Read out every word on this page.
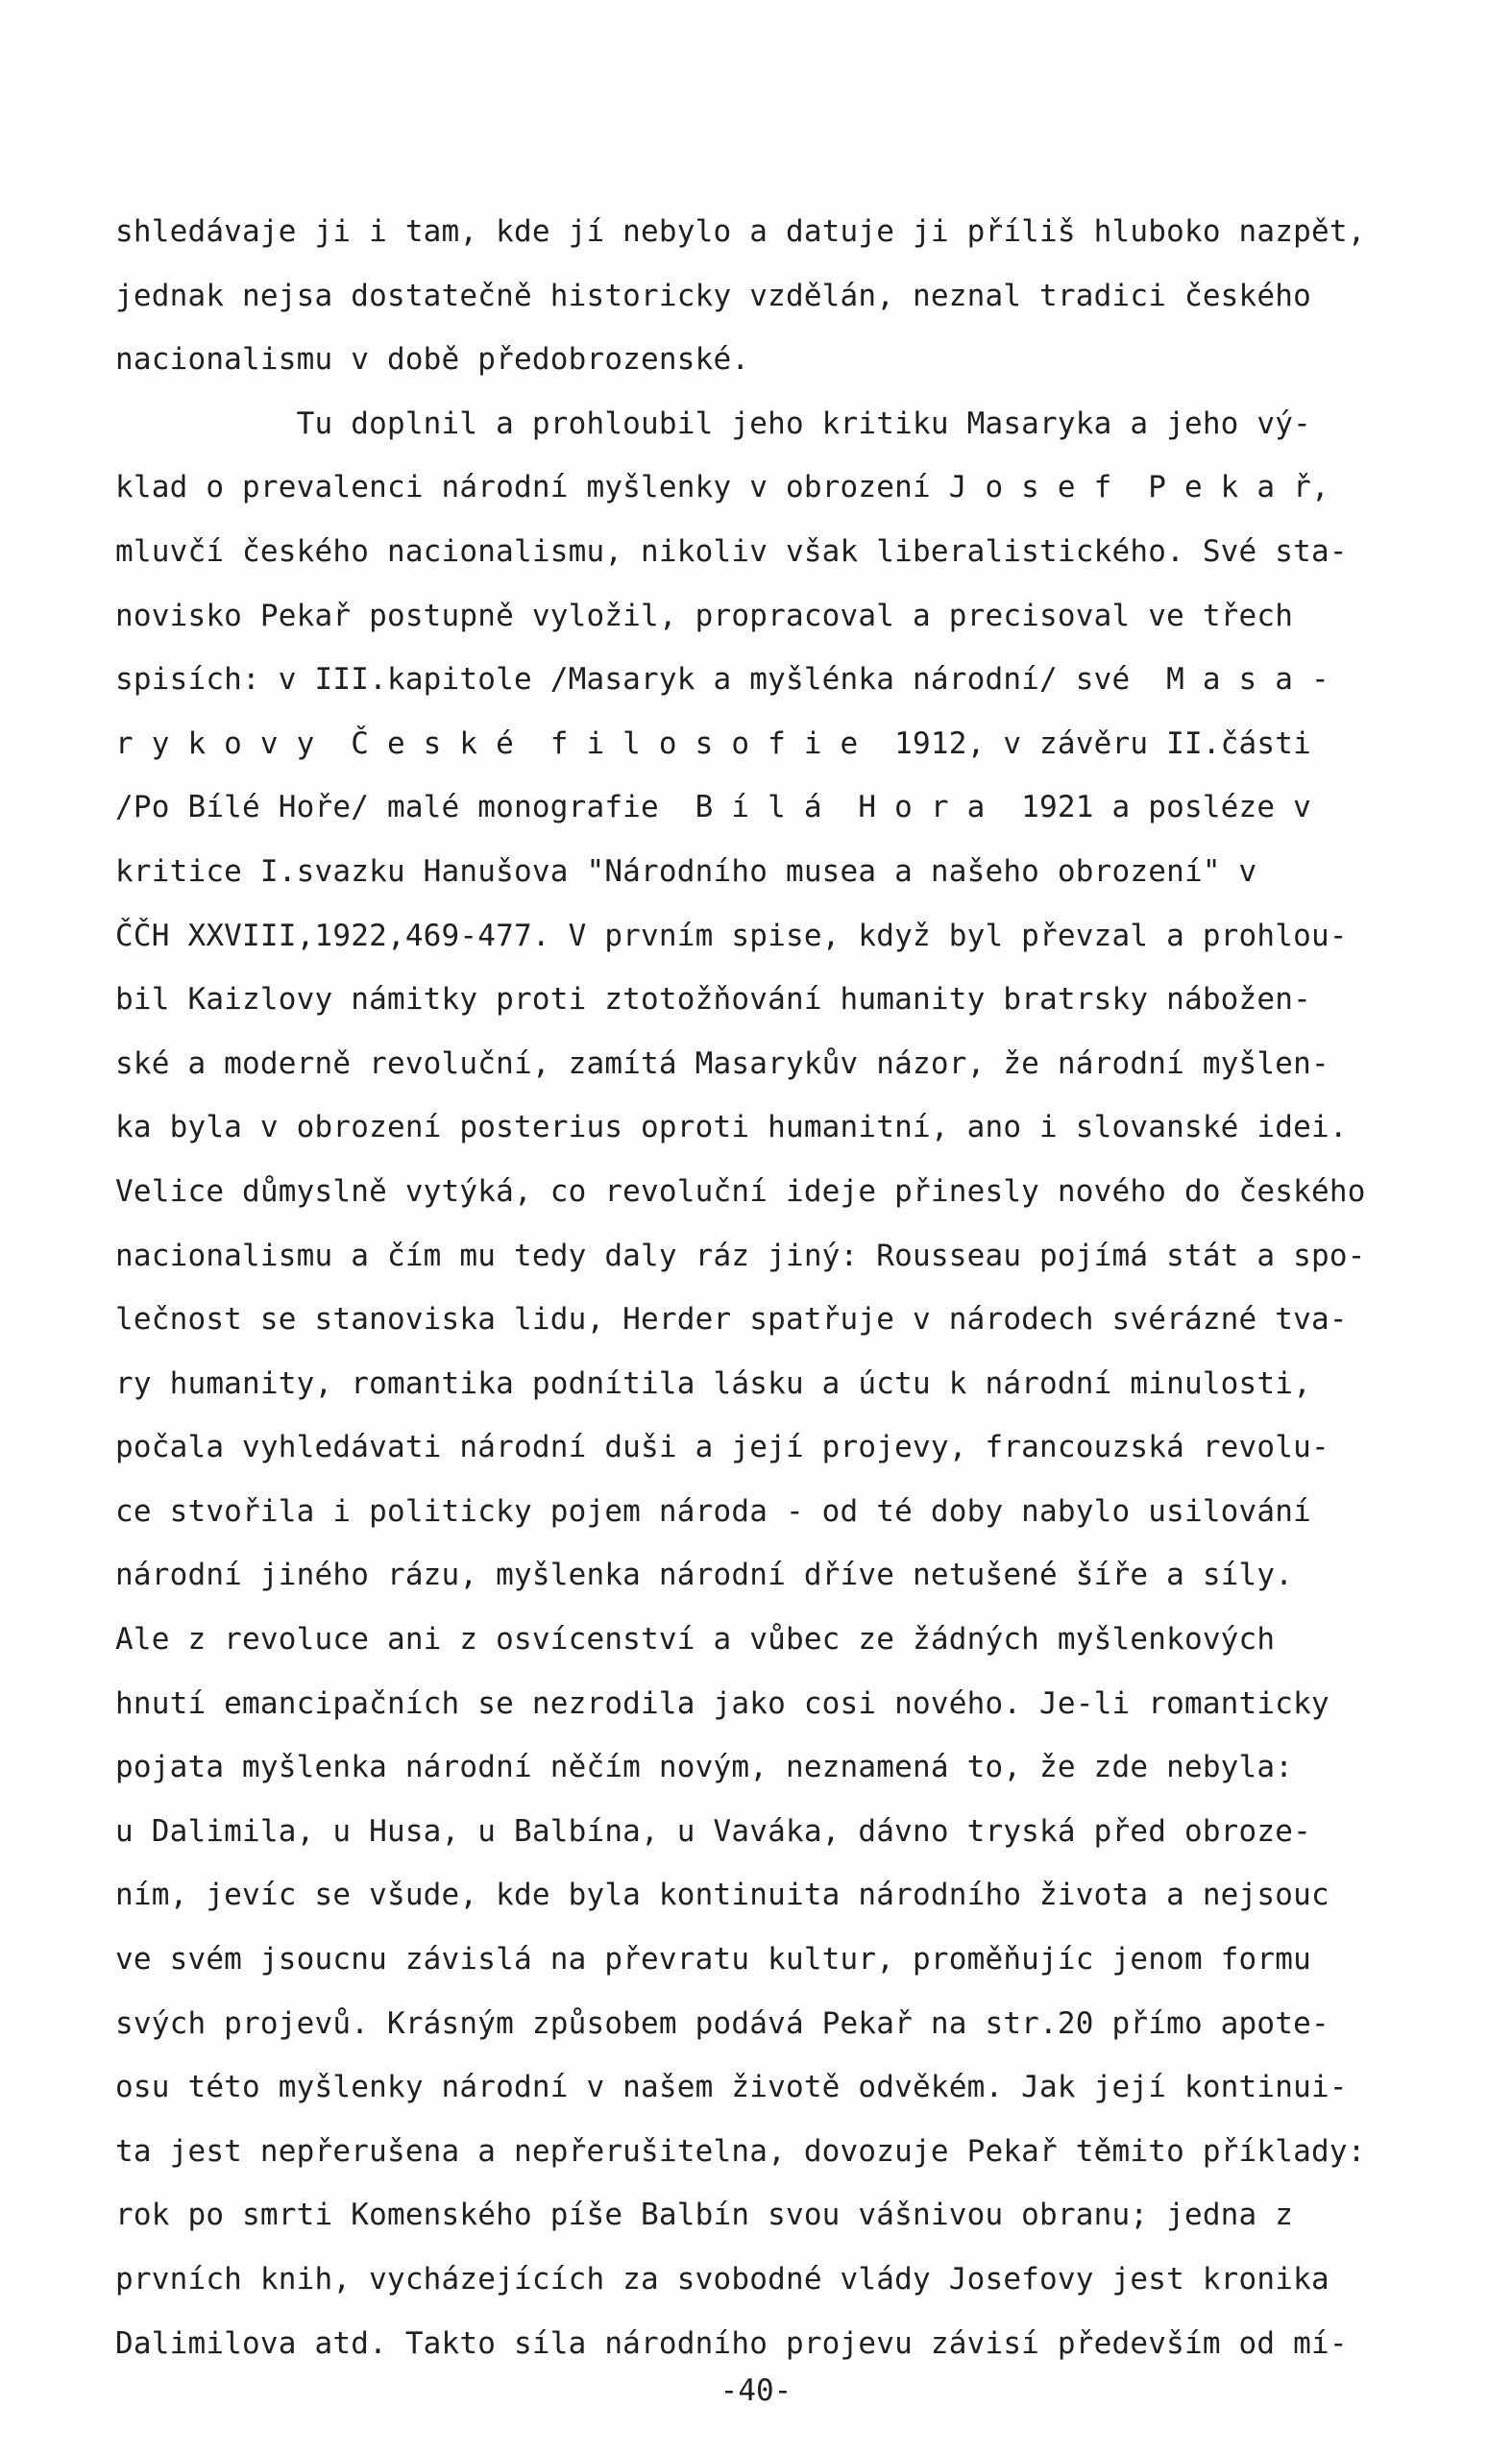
shledávaje ji i tam, kde jí nebylo a datuje ji příliš hluboko nazpět,
jednak nejsa dostatečně historicky vzdělán, neznal tradici českého
nacionalismu v době předobrozenské.
Tu doplnil a prohloubil jeho kritiku Masaryka a jeho vý-
klad o prevalenci národní myšlenky v obrození J o s e f  P e k a ř,
mluvčí českého nacionalismu, nikoliv však liberalistického. Své sta-
novisko Pekař postupně vyložil, propracoval a precisoval ve třech
spisích: v III.kapitole /Masaryk a myšlénka národní/ své  M a s a -
r y k o v y  Č e s k é  f i l o s o f i e  1912, v závěru II.části
/Po Bílé Hoře/ malé monografie  B í l á  H o r a  1921 a posléze v
kritice I.svazku Hanušova "Národního musea a našeho obrození" v
ČČH XXVIII,1922,469-477. V prvním spise, když byl převzal a prohlou-
bil Kaizlovy námitky proti ztotožňování humanity bratrsky nábožen-
ské a moderně revoluční, zamítá Masarykův názor, že národní myšlen-
ka byla v obrození posterius oproti humanitní, ano i slovanské idei.
Velice důmyslně vytýká, co revoluční ideje přinesly nového do českého
nacionalismu a čím mu tedy daly ráz jiný: Rousseau pojímá stát a spo-
lečnost se stanoviska lidu, Herder spatřuje v národech svérázné tva-
ry humanity, romantika podnítila lásku a úctu k národní minulosti,
počala vyhledávati národní duši a její projevy, francouzská revolu-
ce stvořila i politicky pojem národa - od té doby nabylo usilování
národní jiného rázu, myšlenka národní dříve netušené šíře a síly.
Ale z revoluce ani z osvícenství a vůbec ze žádných myšlenkových
hnutí emancipačních se nezrodila jako cosi nového. Je-li romanticky
pojata myšlenka národní něčím novým, neznamená to, že zde nebyla:
u Dalimila, u Husa, u Balbína, u Vaváka, dávno tryská před obroze-
ním, jevíc se všude, kde byla kontinuita národního života a nejsouc
ve svém jsoucnu závislá na převratu kultur, proměňujíc jenom formu
svých projevů. Krásným způsobem podává Pekař na str.20 přímo apote-
osu této myšlenky národní v našem životě odvěkém. Jak její kontinui-
ta jest nepřerušena a nepřerušitelna, dovozuje Pekař těmito příklady:
rok po smrti Komenského píše Balbín svou vášnivou obranu; jedna z
prvních knih, vycházejících za svobodné vlády Josefovy jest kronika
Dalimilova atd. Takto síla národního projevu závisí především od mí-
-40-
